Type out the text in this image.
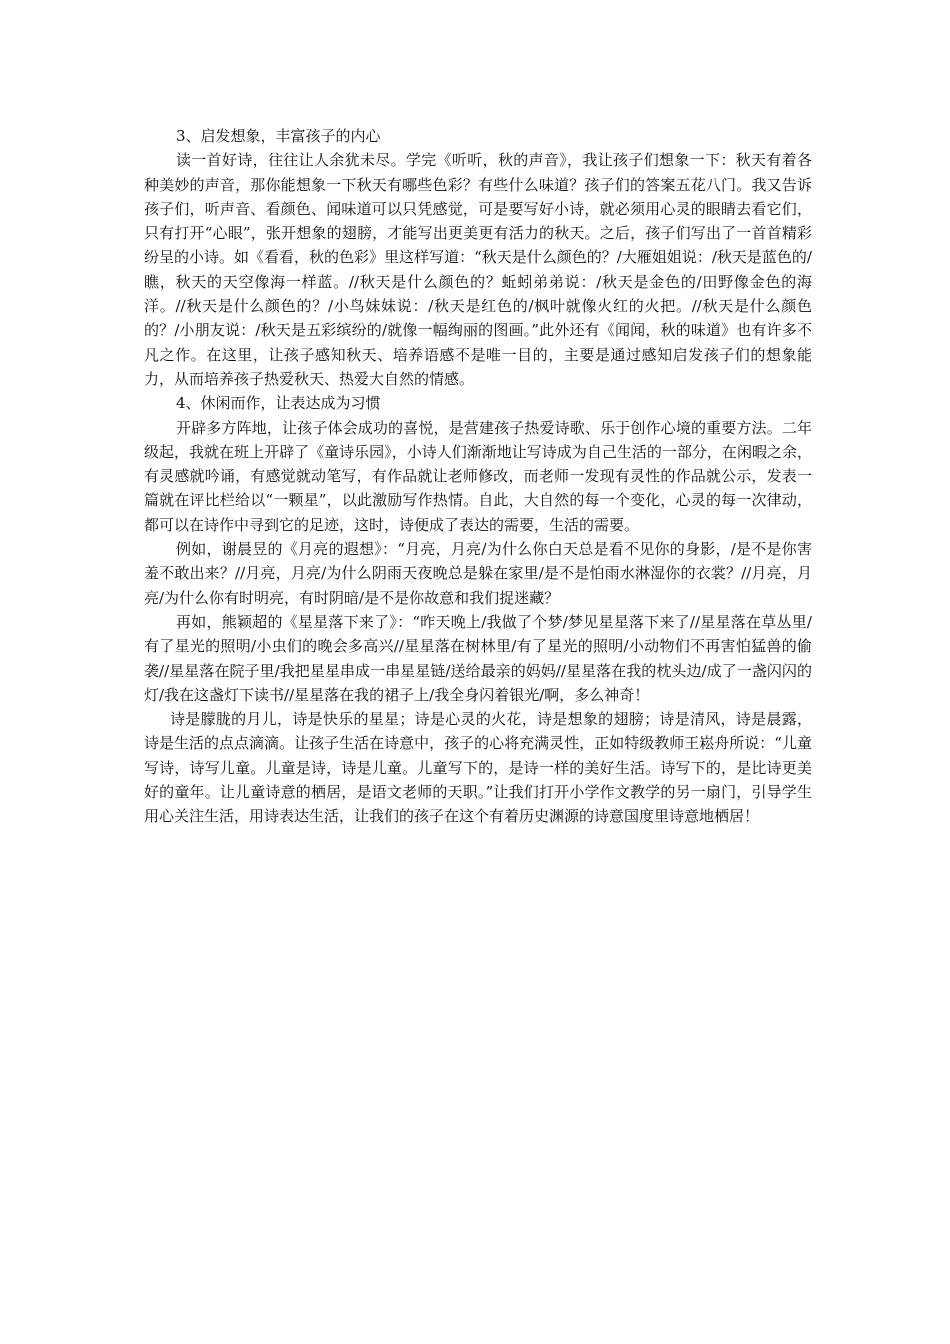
3、启发想象，丰富孩子的内心

读一首好诗，往往让人余犹未尽。学完《听听，秋的声音》，我让孩子们想象一下：秋天有着各种美妙的声音，那你能想象一下秋天有哪些色彩？有些什么味道？孩子们的答案五花八门。我又告诉孩子们，听声音、看颜色、闻味道可以只凭感觉，可是要写好小诗，就必须用心灵的眼睛去看它们，只有打开“心眼”，张开想象的翅膀，才能写出更美更有活力的秋天。之后，孩子们写出了一首首精彩纷呈的小诗。如《看看，秋的色彩》里这样写道：“秋天是什么颜色的？/大雁姐姐说：/秋天是蓝色的/瞧，秋天的天空像海一样蓝。//秋天是什么颜色的？蚯蚓弟弟说：/秋天是金色的/田野像金色的海洋。//秋天是什么颜色的？/小鸟妹妹说：/秋天是红色的/枫叶就像火红的火把。//秋天是什么颜色的？/小朋友说：/秋天是五彩缤纷的/就像一幅绚丽的图画。”此外还有《闻闻，秋的味道》也有许多不凡之作。在这里，让孩子感知秋天、培养语感不是唯一目的，主要是通过感知启发孩子们的想象能力，从而培养孩子热爱秋天、热爱大自然的情感。

4、休闲而作，让表达成为习惯

开辟多方阵地，让孩子体会成功的喜悦，是营建孩子热爱诗歌、乐于创作心境的重要方法。二年级起，我就在班上开辟了《童诗乐园》，小诗人们渐渐地让写诗成为自己生活的一部分，在闲暇之余，有灵感就吟诵，有感觉就动笔写，有作品就让老师修改，而老师一发现有灵性的作品就公示，发表一篇就在评比栏给以“一颗星”，以此激励写作热情。自此，大自然的每一个变化，心灵的每一次律动，都可以在诗作中寻到它的足迹，这时，诗便成了表达的需要，生活的需要。

例如，谢晨昱的《月亮的遐想》：“月亮，月亮/为什么你白天总是看不见你的身影，/是不是你害羞不敢出来？//月亮，月亮/为什么阴雨天夜晚总是躲在家里/是不是怕雨水淋湿你的衣裳？//月亮，月亮/为什么你有时明亮，有时阴暗/是不是你故意和我们捉迷藏？

再如，熊颖超的《星星落下来了》：“昨天晚上/我做了个梦/梦见星星落下来了//星星落在草丛里/有了星光的照明/小虫们的晚会多高兴//星星落在树林里/有了星光的照明/小动物们不再害怕猛兽的偷袭//星星落在院子里/我把星星串成一串星星链/送给最亲的妈妈//星星落在我的枕头边/成了一盏闪闪的灯/我在这盏灯下读书//星星落在我的裙子上/我全身闪着银光/啊，多么神奇！

诗是朦胧的月儿，诗是快乐的星星；诗是心灵的火花，诗是想象的翅膀；诗是清风，诗是晨露，诗是生活的点点滴滴。让孩子生活在诗意中，孩子的心将充满灵性，正如特级教师王崧舟所说：“儿童写诗，诗写儿童。儿童是诗，诗是儿童。儿童写下的，是诗一样的美好生活。诗写下的，是比诗更美好的童年。让儿童诗意的栖居，是语文老师的天职。”让我们打开小学作文教学的另一扇门，引导学生用心关注生活，用诗表达生活，让我们的孩子在这个有着历史渊源的诗意国度里诗意地栖居！
